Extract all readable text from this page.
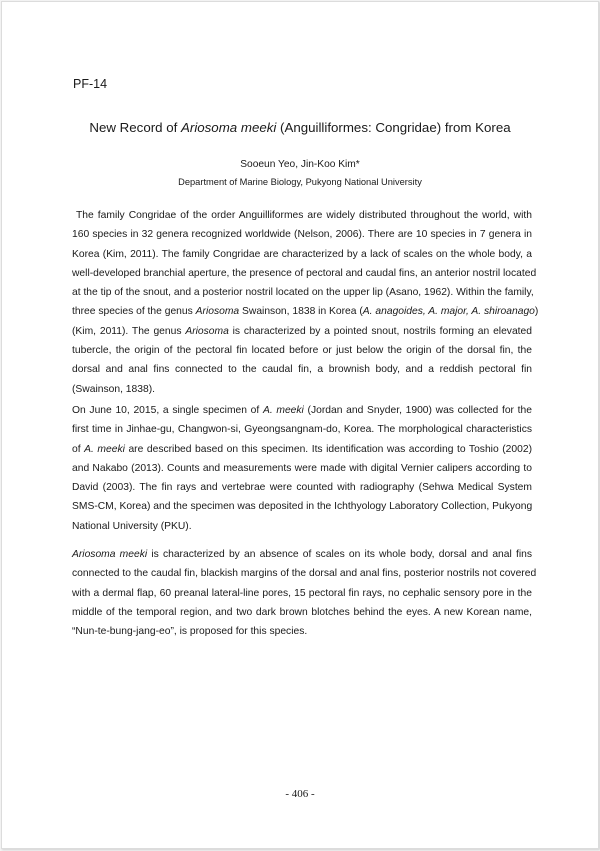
PF-14
New Record of Ariosoma meeki (Anguilliformes: Congridae) from Korea
Sooeun Yeo, Jin-Koo Kim*
Department of Marine Biology, Pukyong National University
The family Congridae of the order Anguilliformes are widely distributed throughout the world, with
160 species in 32 genera recognized worldwide (Nelson, 2006). There are 10 species in 7 genera in
Korea (Kim, 2011). The family Congridae are characterized by a lack of scales on the whole body, a
well-developed branchial aperture, the presence of pectoral and caudal fins, an anterior nostril located
at the tip of the snout, and a posterior nostril located on the upper lip (Asano, 1962). Within the family,
three species of the genus Ariosoma Swainson, 1838 in Korea (A. anagoides, A. major, A. shiroanago)
(Kim, 2011). The genus Ariosoma is characterized by a pointed snout, nostrils forming an elevated
tubercle, the origin of the pectoral fin located before or just below the origin of the dorsal fin, the
dorsal and anal fins connected to the caudal fin, a brownish body, and a reddish pectoral fin
(Swainson, 1838).
On June 10, 2015, a single specimen of A. meeki (Jordan and Snyder, 1900) was collected for the
first time in Jinhae-gu, Changwon-si, Gyeongsangnam-do, Korea. The morphological characteristics
of A. meeki are described based on this specimen. Its identification was according to Toshio (2002)
and Nakabo (2013). Counts and measurements were made with digital Vernier calipers according to
David (2003). The fin rays and vertebrae were counted with radiography (Sehwa Medical System
SMS-CM, Korea) and the specimen was deposited in the Ichthyology Laboratory Collection, Pukyong
National University (PKU).
Ariosoma meeki is characterized by an absence of scales on its whole body, dorsal and anal fins
connected to the caudal fin, blackish margins of the dorsal and anal fins, posterior nostrils not covered
with a dermal flap, 60 preanal lateral-line pores, 15 pectoral fin rays, no cephalic sensory pore in the
middle of the temporal region, and two dark brown blotches behind the eyes. A new Korean name,
“Nun-te-bung-jang-eo”, is proposed for this species.
- 406 -
